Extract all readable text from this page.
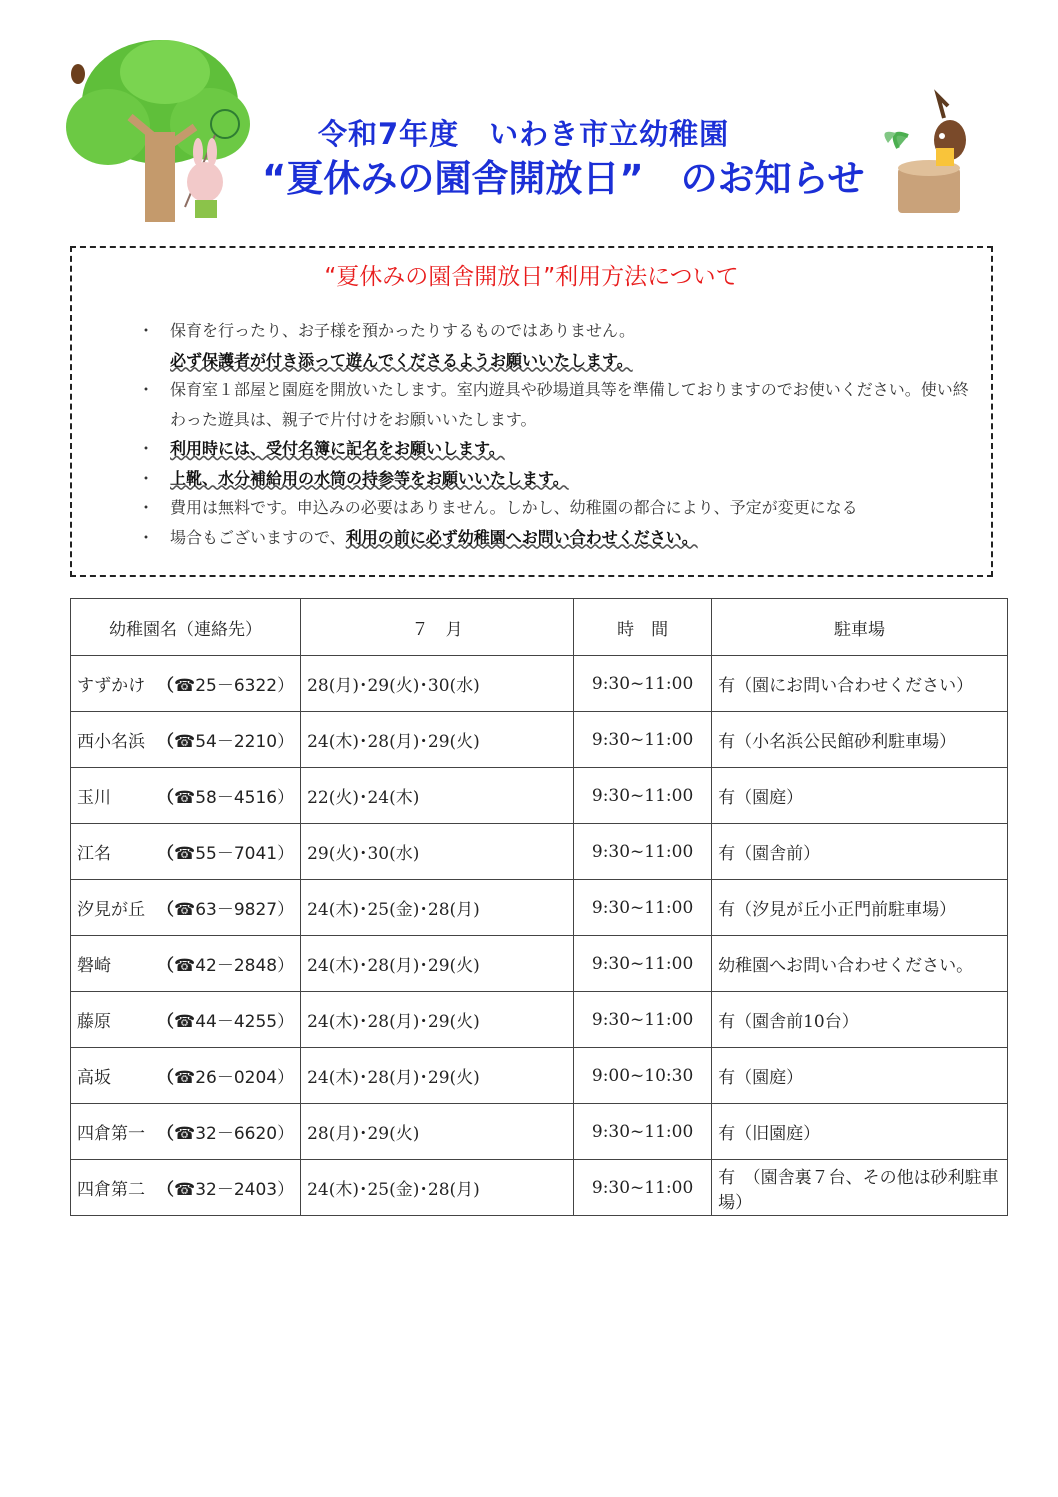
令和7年度　いわき市立幼稚園
“夏休みの園舎開放日”　のお知らせ
“夏休みの園舎開放日”利用方法について
・ 保育を行ったり、お子様を預かったりするものではありません。
必ず保護者が付き添って遊んでくださるようお願いいたします。
・ 保育室１部屋と園庭を開放いたします。室内遊具や砂場道具等を準備しておりますのでお使いください。使い終わった遊具は、親子で片付けをお願いいたします。
・ 利用時には、受付名簿に記名をお願いします。
・ 上靴、水分補給用の水筒の持参等をお願いいたします。
・ 費用は無料です。申込みの必要はありません。しかし、幼稚園の都合により、予定が変更になる
・ 場合もございますので、利用の前に必ず幼稚園へお問い合わせください。
幼稚園名（連絡先）	７　月	時　間	駐車場
すずかけ （☎25－6322）	28(月)･29(火)･30(水)	9:30~11:00	有（園にお問い合わせください）
西小名浜 （☎54－2210）	24(木)･28(月)･29(火)	9:30~11:00	有（小名浜公民館砂利駐車場）
玉川 （☎58－4516）	22(火)･24(木)	9:30~11:00	有（園庭）
江名 （☎55－7041）	29(火)･30(水)	9:30~11:00	有（園舎前）
汐見が丘 （☎63－9827）	24(木)･25(金)･28(月)	9:30~11:00	有（汐見が丘小正門前駐車場）
磐崎 （☎42－2848）	24(木)･28(月)･29(火)	9:30~11:00	幼稚園へお問い合わせください。
藤原 （☎44－4255）	24(木)･28(月)･29(火)	9:30~11:00	有（園舎前10台）
高坂 （☎26－0204）	24(木)･28(月)･29(火)	9:00~10:30	有（園庭）
四倉第一 （☎32－6620）	28(月)･29(火)	9:30~11:00	有（旧園庭）
四倉第二 （☎32－2403）	24(木)･25(金)･28(月)	9:30~11:00	有　（園舎裏７台、その他は砂利駐車場）
